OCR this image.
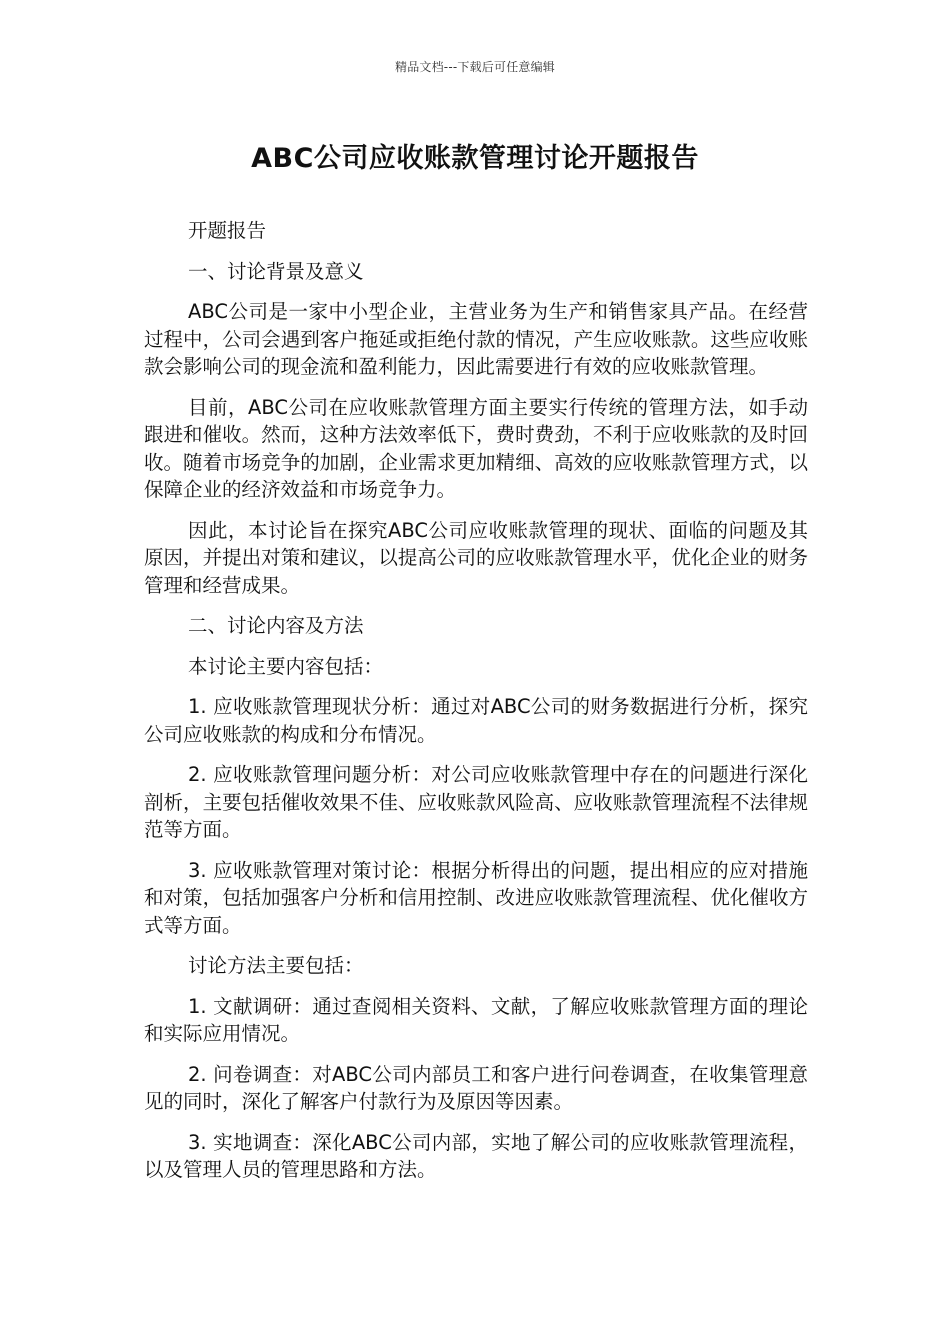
精品文档---下载后可任意编辑
ABC公司应收账款管理讨论开题报告

开题报告

一、讨论背景及意义

ABC公司是一家中小型企业，主营业务为生产和销售家具产品。在经营过程中，公司会遇到客户拖延或拒绝付款的情况，产生应收账款。这些应收账款会影响公司的现金流和盈利能力，因此需要进行有效的应收账款管理。

目前，ABC公司在应收账款管理方面主要实行传统的管理方法，如手动跟进和催收。然而，这种方法效率低下，费时费劲，不利于应收账款的及时回收。随着市场竞争的加剧，企业需求更加精细、高效的应收账款管理方式，以保障企业的经济效益和市场竞争力。

因此，本讨论旨在探究ABC公司应收账款管理的现状、面临的问题及其原因，并提出对策和建议，以提高公司的应收账款管理水平，优化企业的财务管理和经营成果。

二、讨论内容及方法

本讨论主要内容包括：

1. 应收账款管理现状分析：通过对ABC公司的财务数据进行分析，探究公司应收账款的构成和分布情况。

2. 应收账款管理问题分析：对公司应收账款管理中存在的问题进行深化剖析，主要包括催收效果不佳、应收账款风险高、应收账款管理流程不法律规范等方面。

3. 应收账款管理对策讨论：根据分析得出的问题，提出相应的应对措施和对策，包括加强客户分析和信用控制、改进应收账款管理流程、优化催收方式等方面。

讨论方法主要包括：

1. 文献调研：通过查阅相关资料、文献，了解应收账款管理方面的理论和实际应用情况。

2. 问卷调查：对ABC公司内部员工和客户进行问卷调查，在收集管理意见的同时，深化了解客户付款行为及原因等因素。

3. 实地调查：深化ABC公司内部，实地了解公司的应收账款管理流程，以及管理人员的管理思路和方法。
